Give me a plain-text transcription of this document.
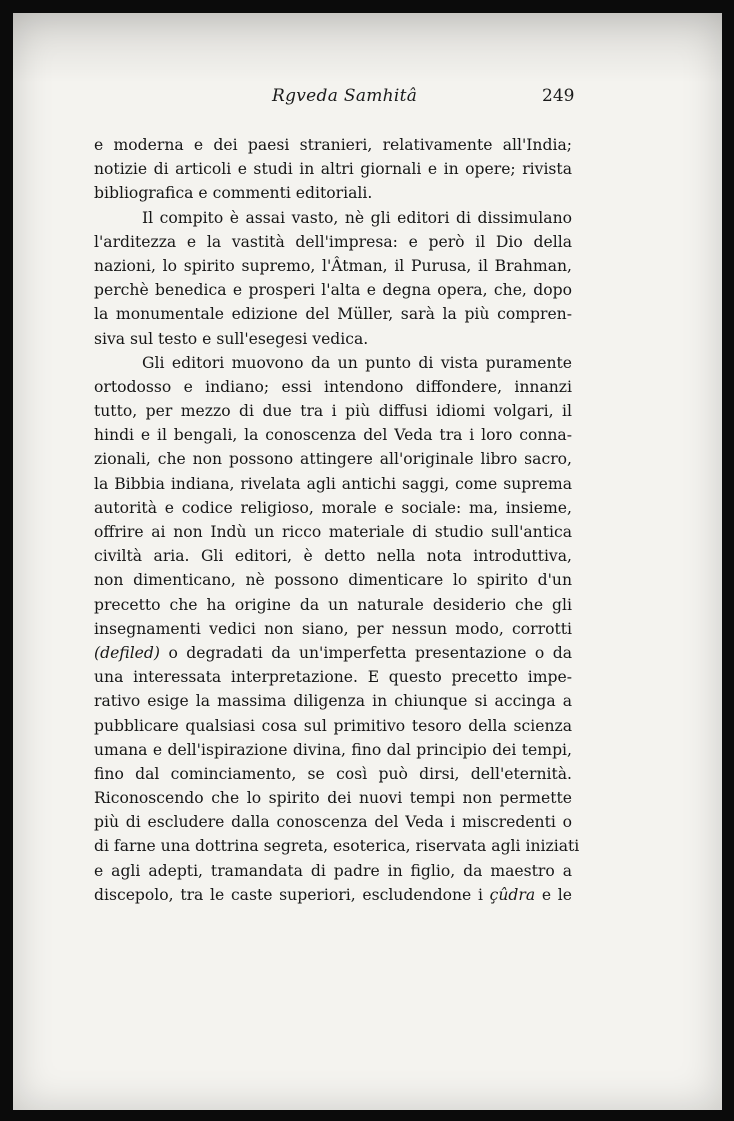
Rgveda Samhitâ	249
e moderna e dei paesi stranieri, relativamente all'India;
notizie di articoli e studi in altri giornali e in opere; rivista
bibliografica e commenti editoriali.
Il compito è assai vasto, nè gli editori di dissimulano
l'arditezza e la vastità dell'impresa: e però il Dio della
nazioni, lo spirito supremo, l'Âtman, il Purusa, il Brahman,
perchè benedica e prosperi l'alta e degna opera, che, dopo
la monumentale edizione del Müller, sarà la più compren-
siva sul testo e sull'esegesi vedica.
Gli editori muovono da un punto di vista puramente
ortodosso e indiano; essi intendono diffondere, innanzi
tutto, per mezzo di due tra i più diffusi idiomi volgari, il
hindi e il bengali, la conoscenza del Veda tra i loro conna-
zionali, che non possono attingere all'originale libro sacro,
la Bibbia indiana, rivelata agli antichi saggi, come suprema
autorità e codice religioso, morale e sociale: ma, insieme,
offrire ai non Indù un ricco materiale di studio sull'antica
civiltà aria. Gli editori, è detto nella nota introduttiva,
non dimenticano, nè possono dimenticare lo spirito d'un
precetto che ha origine da un naturale desiderio che gli
insegnamenti vedici non siano, per nessun modo, corrotti
(defiled) o degradati da un'imperfetta presentazione o da
una interessata interpretazione. E questo precetto impe-
rativo esige la massima diligenza in chiunque si accinga a
pubblicare qualsiasi cosa sul primitivo tesoro della scienza
umana e dell'ispirazione divina, fino dal principio dei tempi,
fino dal cominciamento, se così può dirsi, dell'eternità.
Riconoscendo che lo spirito dei nuovi tempi non permette
più di escludere dalla conoscenza del Veda i miscredenti o
di farne una dottrina segreta, esoterica, riservata agli iniziati
e agli adepti, tramandata di padre in figlio, da maestro a
discepolo, tra le caste superiori, escludendone i çûdra e le
